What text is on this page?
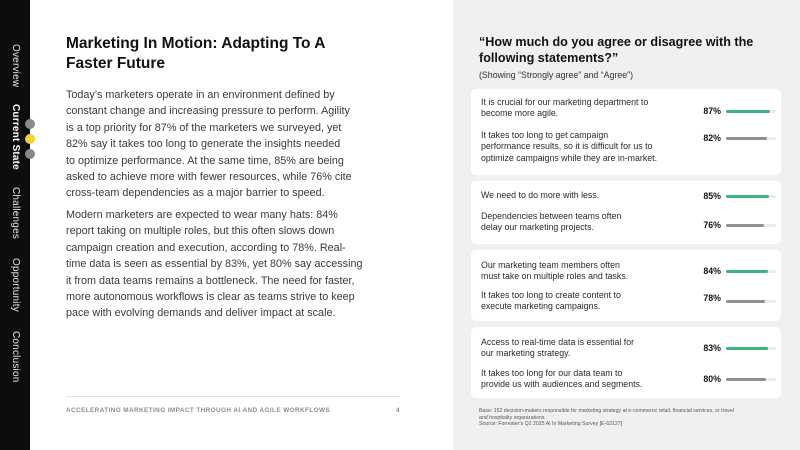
Overview
Current State
Challenges
Opportunity
Conclusion
Marketing In Motion: Adapting To A
Faster Future
Today’s marketers operate in an environment defined by
constant change and increasing pressure to perform. Agility
is a top priority for 87% of the marketers we surveyed, yet
82% say it takes too long to generate the insights needed
to optimize performance. At the same time, 85% are being
asked to achieve more with fewer resources, while 76% cite
cross-team dependencies as a major barrier to speed.
Modern marketers are expected to wear many hats: 84%
report taking on multiple roles, but this often slows down
campaign creation and execution, according to 78%. Real-
time data is seen as essential by 83%, yet 80% say accessing
it from data teams remains a bottleneck. The need for faster,
more autonomous workflows is clear as teams strive to keep
pace with evolving demands and deliver impact at scale.
ACCELERATING MARKETING IMPACT THROUGH AI AND AGILE WORKFLOWS	4
“How much do you agree or disagree with the
following statements?”
(Showing “Strongly agree” and “Agree”)
It is crucial for our marketing department to
become more agile.	87%
It takes too long to get campaign
performance results, so it is difficult for us to
optimize campaigns while they are in-market.
82%
We need to do more with less.	85%
Dependencies between teams often
delay our marketing projects.	76%
Our marketing team members often
must take on multiple roles and tasks.
84%
It takes too long to create content to
execute marketing campaigns.
78%
Access to real-time data is essential for
our marketing strategy.
83%
It takes too long for our data team to
provide us with audiences and segments.
80%
Base: 152 decision-makers responsible for marketing strategy at e-commerce retail, financial services, or travel
and hospitality organizations
Source: Forrester’s Q2 2025 AI In Marketing Survey [E-63127]
